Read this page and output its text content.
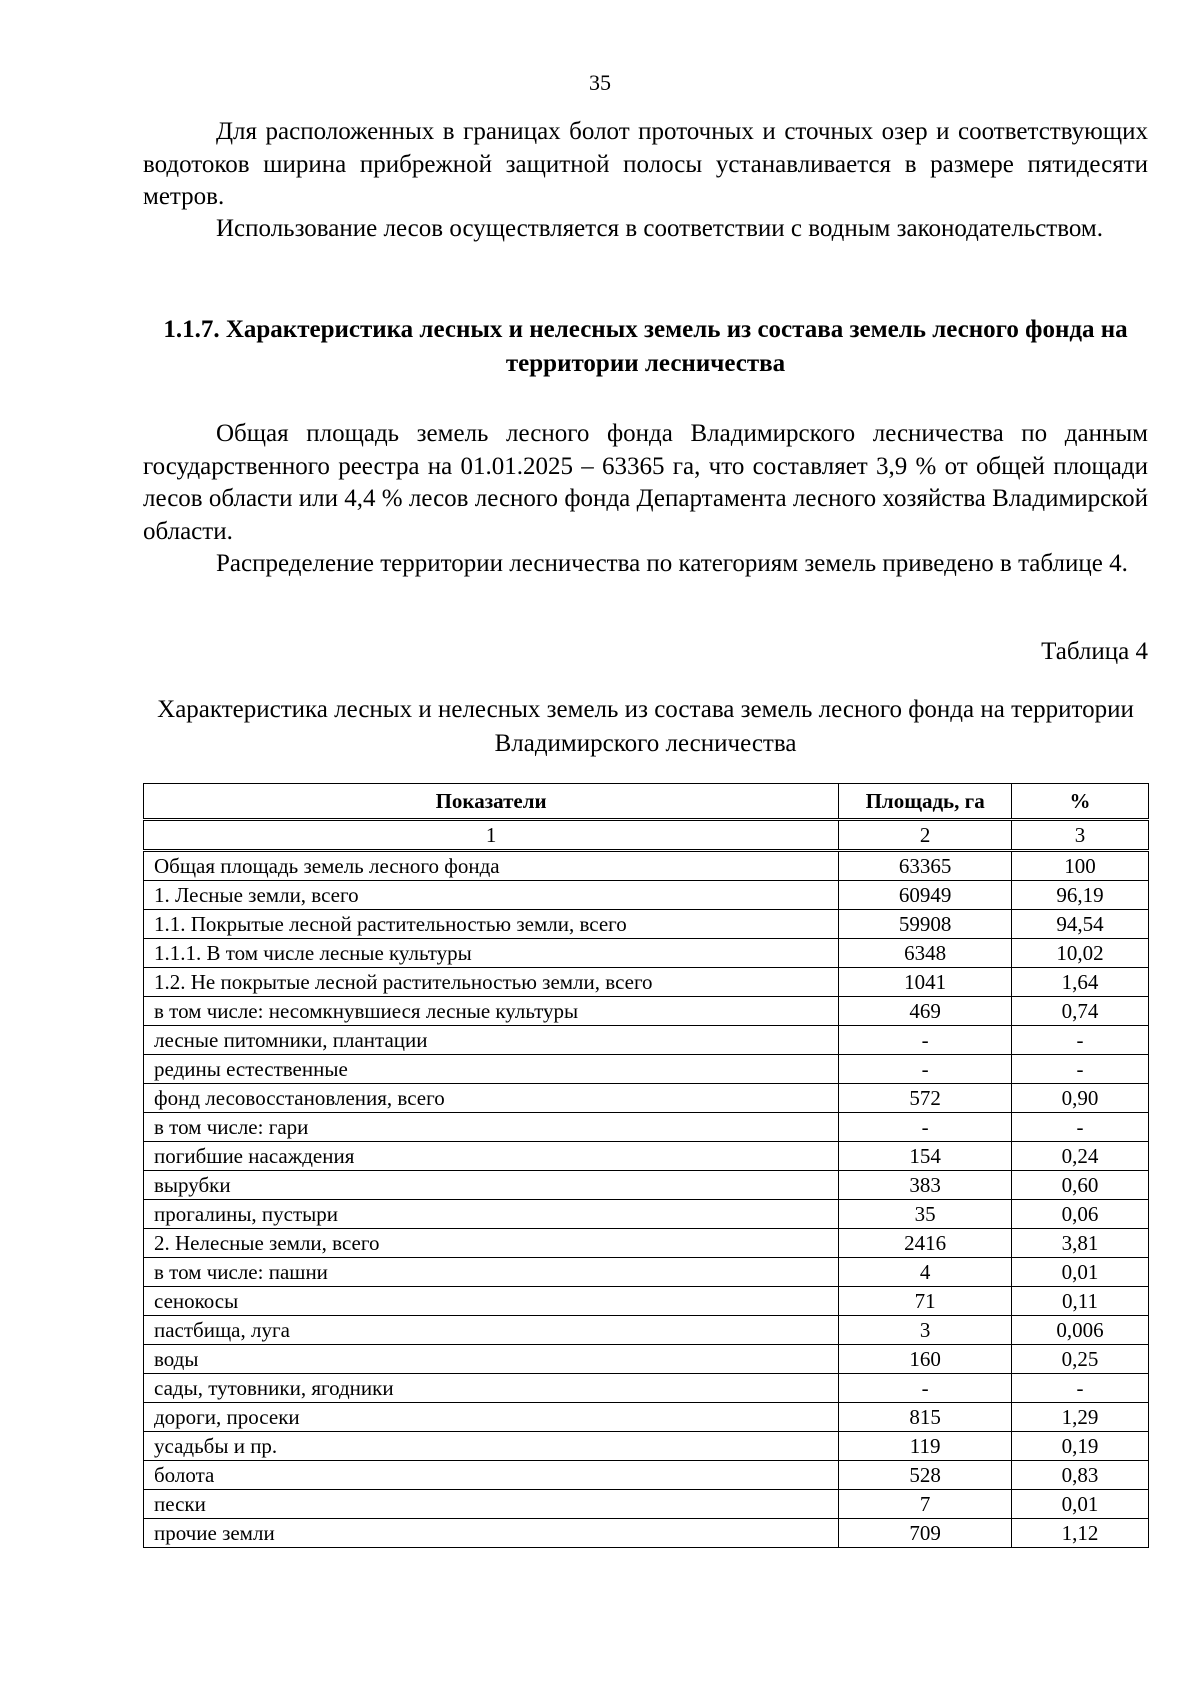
35

Для расположенных в границах болот проточных и сточных озер и соответствующих водотоков ширина прибрежной защитной полосы устанавливается в размере пятидесяти метров.

Использование лесов осуществляется в соответствии с водным законодательством.

1.1.7. Характеристика лесных и нелесных земель из состава земель лесного фонда на территории лесничества

Общая площадь земель лесного фонда Владимирского лесничества по данным государственного реестра на 01.01.2025 – 63365 га, что составляет 3,9 % от общей площади лесов области или 4,4 % лесов лесного фонда Департамента лесного хозяйства Владимирской области.

Распределение территории лесничества по категориям земель приведено в таблице 4.

Таблица 4
Характеристика лесных и нелесных земель из состава земель лесного фонда на территории Владимирского лесничества
Показатели	Площадь, га	%
1	2	3
Общая площадь земель лесного фонда	63365	100
1. Лесные земли, всего	60949	96,19
1.1. Покрытые лесной растительностью земли, всего	59908	94,54
1.1.1. В том числе лесные культуры	6348	10,02
1.2. Не покрытые лесной растительностью земли, всего	1041	1,64
в том числе: несомкнувшиеся лесные культуры	469	0,74
лесные питомники, плантации	-	-
редины естественные	-	-
фонд лесовосстановления, всего	572	0,90
в том числе: гари	-	-
погибшие насаждения	154	0,24
вырубки	383	0,60
прогалины, пустыри	35	0,06
2. Нелесные земли, всего	2416	3,81
в том числе: пашни	4	0,01
сенокосы	71	0,11
пастбища, луга	3	0,006
воды	160	0,25
сады, тутовники, ягодники	-	-
дороги, просеки	815	1,29
усадьбы и пр.	119	0,19
болота	528	0,83
пески	7	0,01
прочие земли	709	1,12
